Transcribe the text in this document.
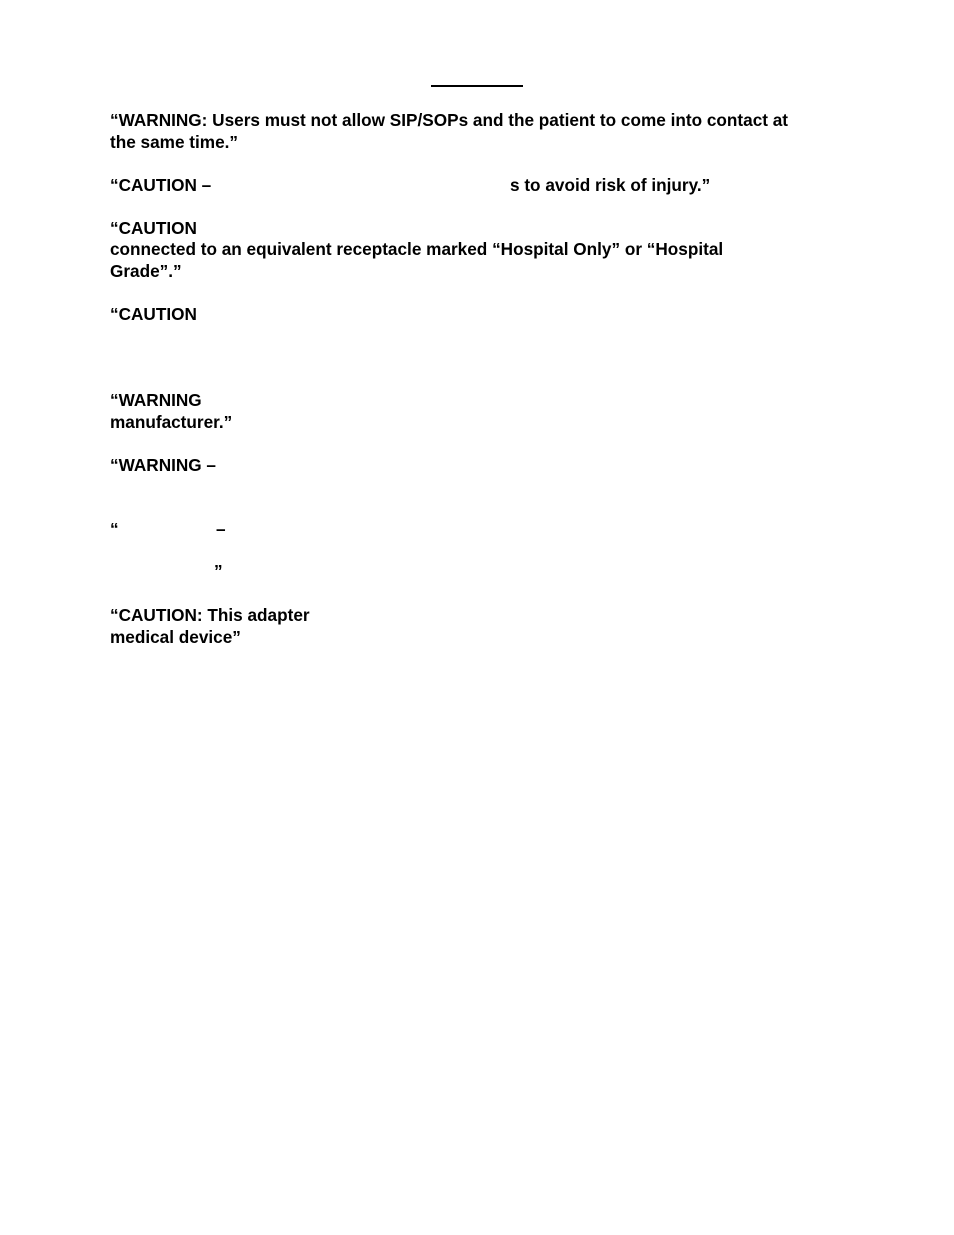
“WARNING: Users must not allow SIP/SOPs and the patient to come into contact at
the same time.”
“CAUTION –	s to avoid risk of injury.”
“CAUTION
connected to an equivalent receptacle marked “Hospital Only” or “Hospital
Grade”.”
“CAUTION
“WARNING
manufacturer.”
“WARNING –
“	–
”
“CAUTION: This adapter
medical device”
